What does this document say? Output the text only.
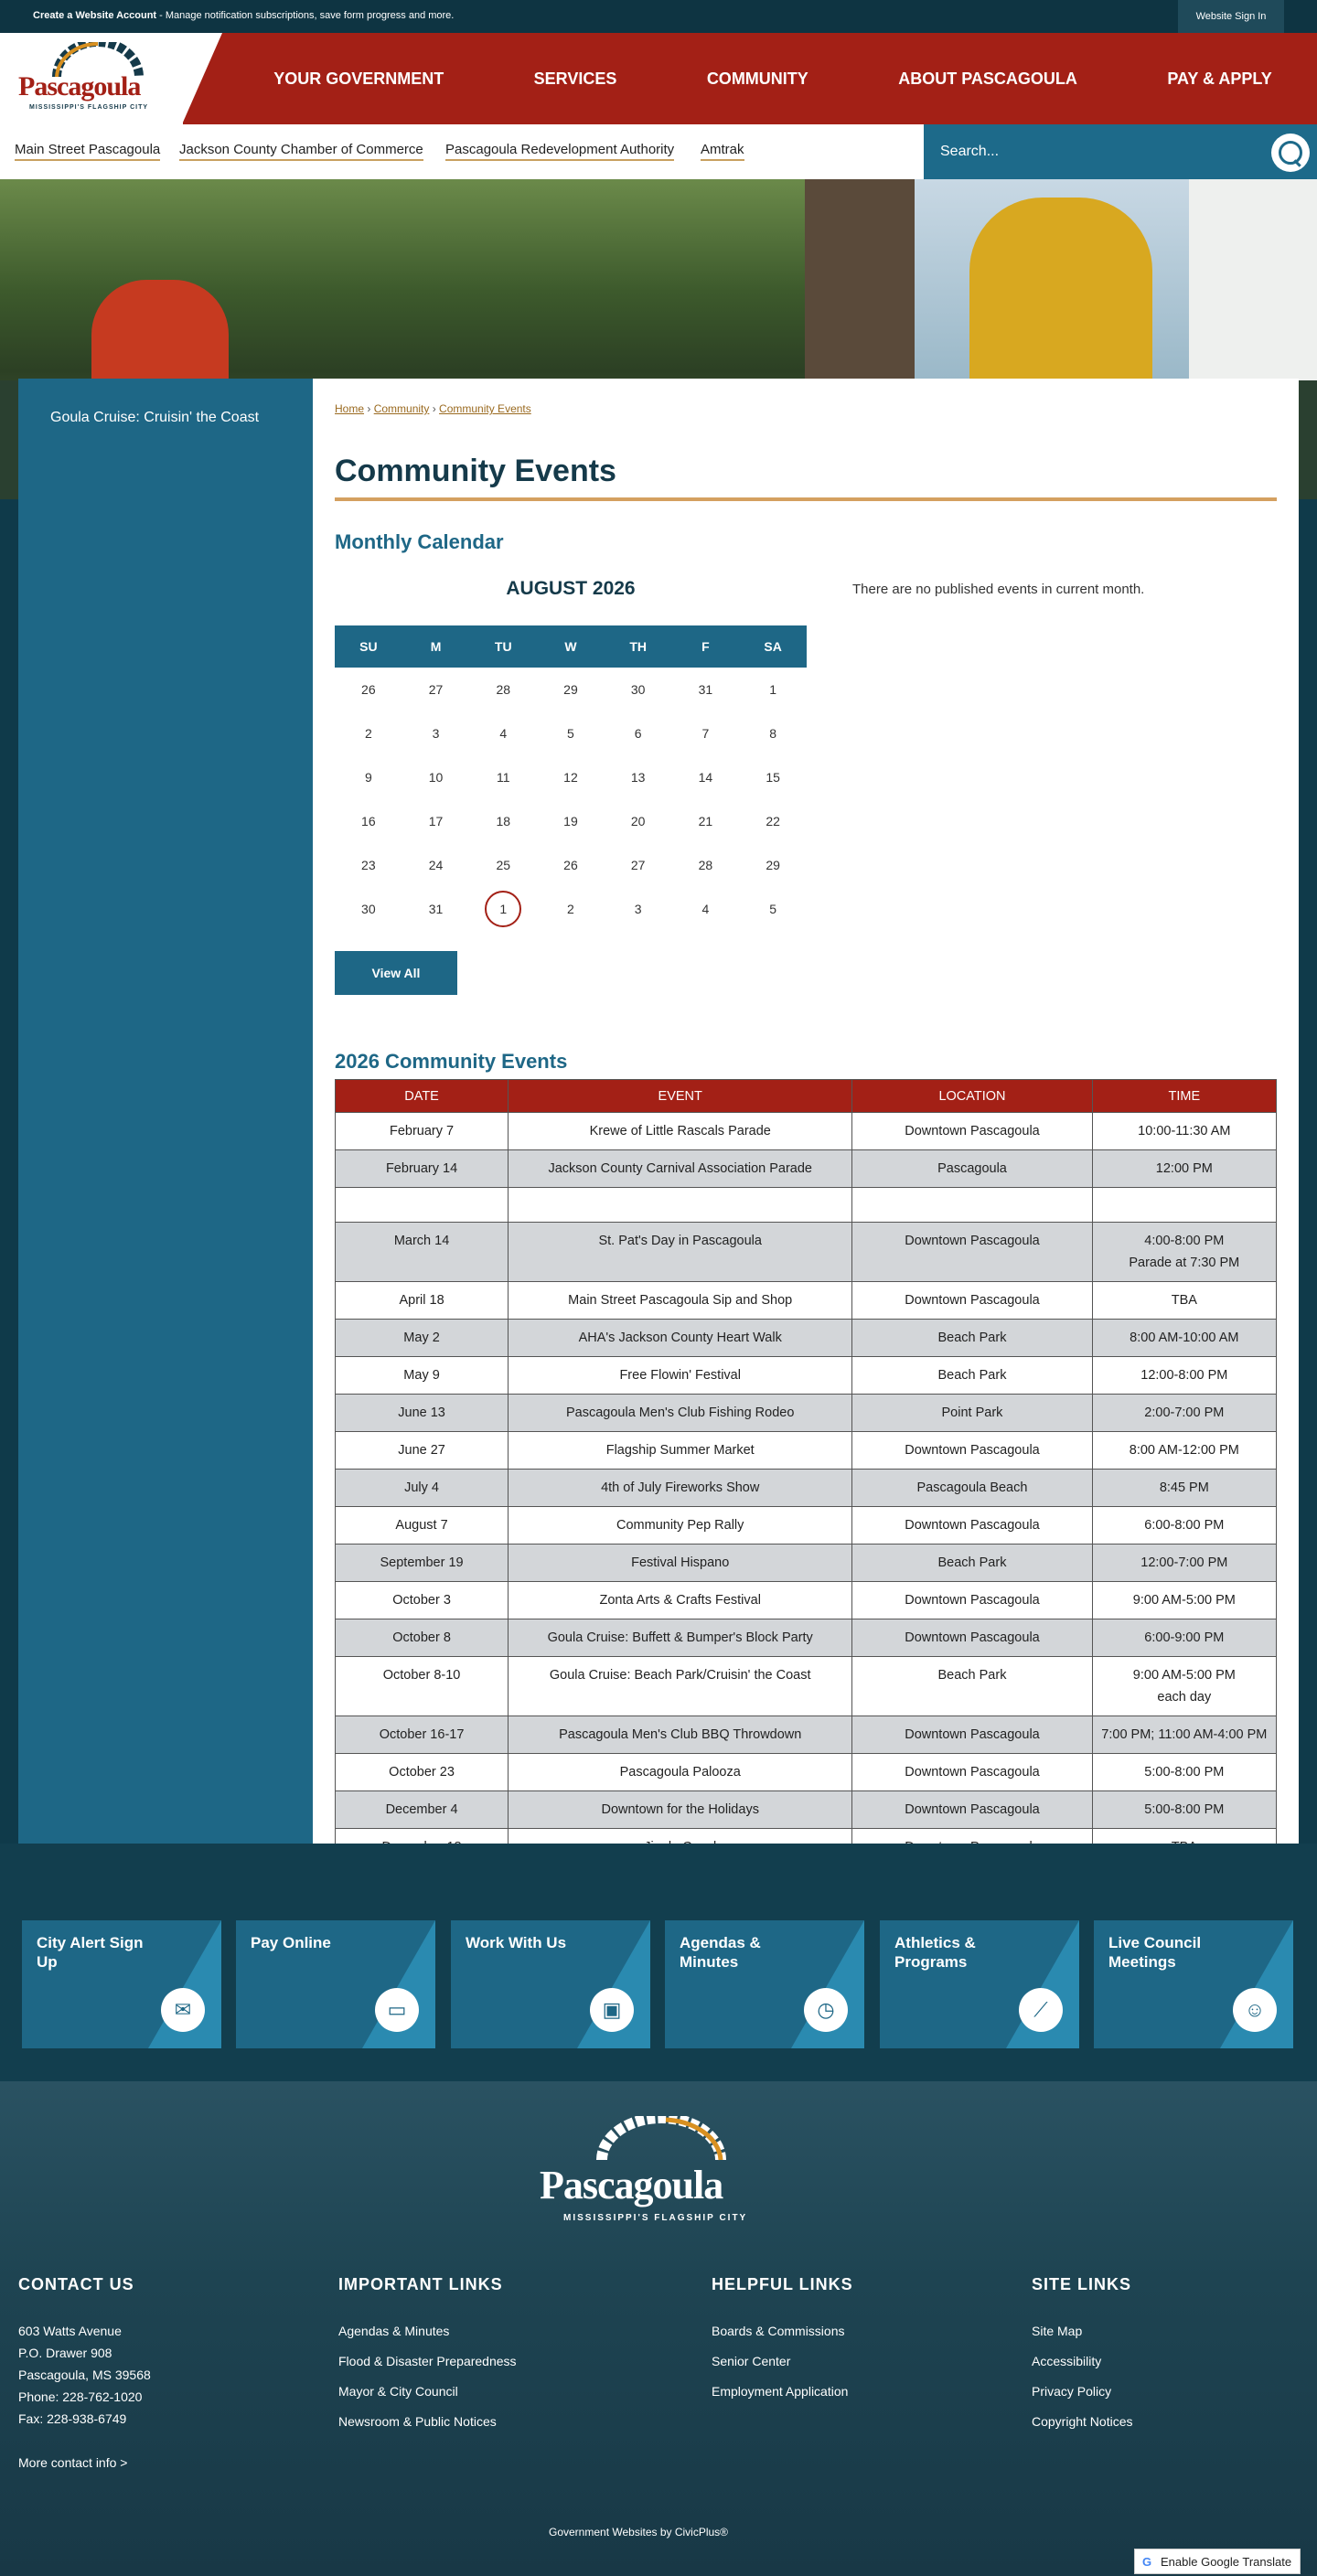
Create a Website Account - Manage notification subscriptions, save form progress and more.	Website Sign In
Pascagoula
MISSISSIPPI'S FLAGSHIP CITY
YOUR GOVERNMENT	SERVICES	COMMUNITY	ABOUT PASCAGOULA	PAY & APPLY
Main Street Pascagoula Jackson County Chamber of Commerce Pascagoula Redevelopment Authority Amtrak
Search...
Goula Cruise: Cruisin' the Coast
Home › Community › Community Events
Community Events
Monthly Calendar
AUGUST 2026
SU	M	TU	W	TH	F	SA
26	27	28	29	30	31	1
2	3	4	5	6	7	8
9	10	11	12	13	14	15
16	17	18	19	20	21	22
23	24	25	26	27	28	29
30	31	1	2	3	4	5
View All
There are no published events in current month.
2026 Community Events
DATE	EVENT	LOCATION	TIME
February 7	Krewe of Little Rascals Parade	Downtown Pascagoula	10:00-11:30 AM
February 14	Jackson County Carnival Association Parade	Pascagoula	12:00 PM

March 14	St. Pat's Day in Pascagoula	Downtown Pascagoula	4:00-8:00 PM
Parade at 7:30 PM

April 18	Main Street Pascagoula Sip and Shop	Downtown Pascagoula	TBA
May 2	AHA's Jackson County Heart Walk	Beach Park	8:00 AM-10:00 AM
May 9	Free Flowin' Festival	Beach Park	12:00-8:00 PM
June 13	Pascagoula Men's Club Fishing Rodeo	Point Park	2:00-7:00 PM
June 27	Flagship Summer Market	Downtown Pascagoula	8:00 AM-12:00 PM
July 4	4th of July Fireworks Show	Pascagoula Beach	8:45 PM
August 7	Community Pep Rally	Downtown Pascagoula	6:00-8:00 PM
September 19	Festival Hispano	Beach Park	12:00-7:00 PM
October 3	Zonta Arts & Crafts Festival	Downtown Pascagoula	9:00 AM-5:00 PM
October 8	Goula Cruise: Buffett & Bumper's Block Party	Downtown Pascagoula	6:00-9:00 PM
October 8-10	Goula Cruise: Beach Park/Cruisin' the Coast	Beach Park	9:00 AM-5:00 PM
each day

October 16-17	Pascagoula Men's Club BBQ Throwdown	Downtown Pascagoula	7:00 PM; 11:00 AM-4:00 PM
October 23	Pascagoula Palooza	Downtown Pascagoula	5:00-8:00 PM
December 4	Downtown for the Holidays	Downtown Pascagoula	5:00-8:00 PM

City Alert Sign Up
✉
Pay Online
▭
Work With Us
▣
Agendas & Minutes
◷
Athletics & Programs
⟋
Live Council Meetings
☺
Pascagoula
MISSISSIPPI'S FLAGSHIP CITY
CONTACT US
603 Watts Avenue
P.O. Drawer 908
Pascagoula, MS 39568
Phone: 228-762-1020
Fax: 228-938-6749
More contact info >
IMPORTANT LINKS
Agendas & Minutes
Flood & Disaster Preparedness
Mayor & City Council
Newsroom & Public Notices
HELPFUL LINKS
Boards & Commissions
Senior Center
Employment Application
SITE LINKS
Site Map
Accessibility
Privacy Policy
Copyright Notices
Government Websites by CivicPlus®
G Enable Google Translate
